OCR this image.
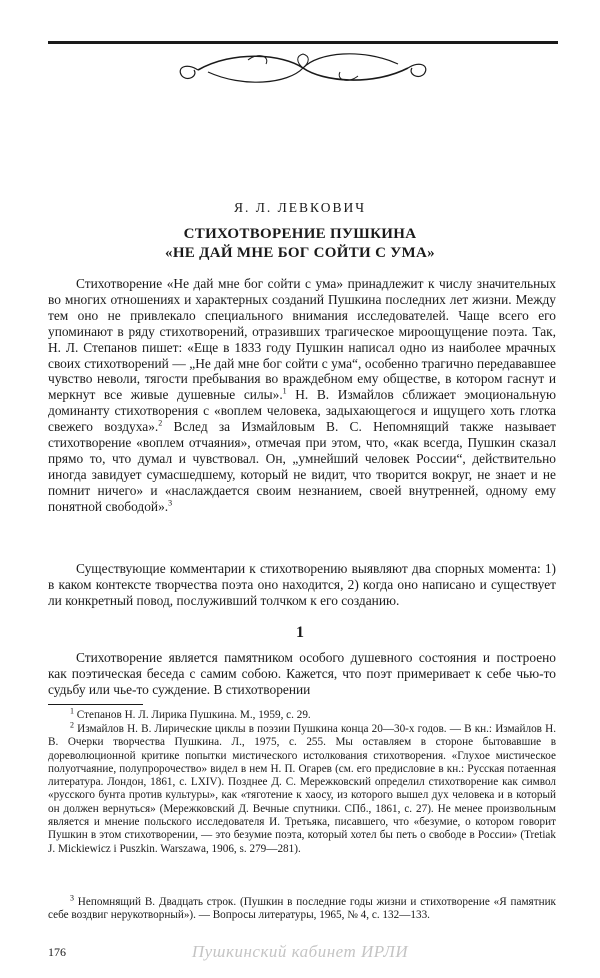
Я. Л. ЛЕВКОВИЧ
СТИХОТВОРЕНИЕ ПУШКИНА
«НЕ ДАЙ МНЕ БОГ СОЙТИ С УМА»

Стихотворение «Не дай мне бог сойти с ума» принадлежит к числу значительных во многих отношениях и характерных созданий Пушкина последних лет жизни. Между тем оно не привлекало специального внимания исследователей. Чаще всего его упоминают в ряду стихотворений, отразивших трагическое мироощущение поэта. Так, Н. Л. Степанов пишет: «Еще в 1833 году Пушкин написал одно из наиболее мрачных своих стихотворений — „Не дай мне бог сойти с ума“, особенно трагично передававшее чувство неволи, тягости пребывания во враждебном ему обществе, в котором гаснут и меркнут все живые душевные силы».$^1$ Н. В. Измайлов сближает эмоциональную доминанту стихотворения с «воплем человека, задыхающегося и ищущего хоть глотка свежего воздуха».$^2$ Вслед за Измайловым В. С. Непомнящий также называет стихотворение «воплем отчаяния», отмечая при этом, что, «как всегда, Пушкин сказал прямо то, что думал и чувствовал. Он, „умнейший человек России“, действительно иногда завидует сумасшедшему, который не видит, что творится вокруг, не знает и не помнит ничего» и «наслаждается своим незнанием, своей внутренней, одному ему понятной свободой».$^3$

Существующие комментарии к стихотворению выявляют два спорных момента: 1) в каком контексте творчества поэта оно находится, 2) когда оно написано и существует ли конкретный повод, послуживший толчком к его созданию.

1

Стихотворение является памятником особого душевного состояния и построено как поэтическая беседа с самим собою. Кажется, что поэт примеривает к себе чью-то судьбу или чье-то суждение. В стихотворении

$^1$ Степанов Н. Л. Лирика Пушкина. М., 1959, с. 29.

$^2$ Измайлов Н. В. Лирические циклы в поэзии Пушкина конца 20—30-х годов. — В кн.: Измайлов Н. В. Очерки творчества Пушкина. Л., 1975, с. 255. Мы оставляем в стороне бытовавшие в дореволюционной критике попытки мистического истолкования стихотворения. «Глухое мистическое полуотчаяние, полупророчество» видел в нем Н. П. Огарев (см. его предисловие в кн.: Русская потаенная литература. Лондон, 1861, с. LXIV). Позднее Д. С. Мережковский определил стихотворение как символ «русского бунта против культуры», как «тяготение к хаосу, из которого вышел дух человека и в который он должен вернуться» (Мережковский Д. Вечные спутники. СПб., 1861, с. 27). Не менее произвольным является и мнение польского исследователя И. Третьяка, писавшего, что «безумие, о котором говорит Пушкин в этом стихотворении, — это безумие поэта, который хотел бы петь о свободе в России» (Tretiak J. Mickiewicz i Puszkin. Warszawa, 1906, s. 279—281).

$^3$ Непомнящий В. Двадцать строк. (Пушкин в последние годы жизни и стихотворение «Я памятник себе воздвиг нерукотворный»). — Вопросы литературы, 1965, № 4, с. 132—133.

176	Пушкинский кабинет ИРЛИ
